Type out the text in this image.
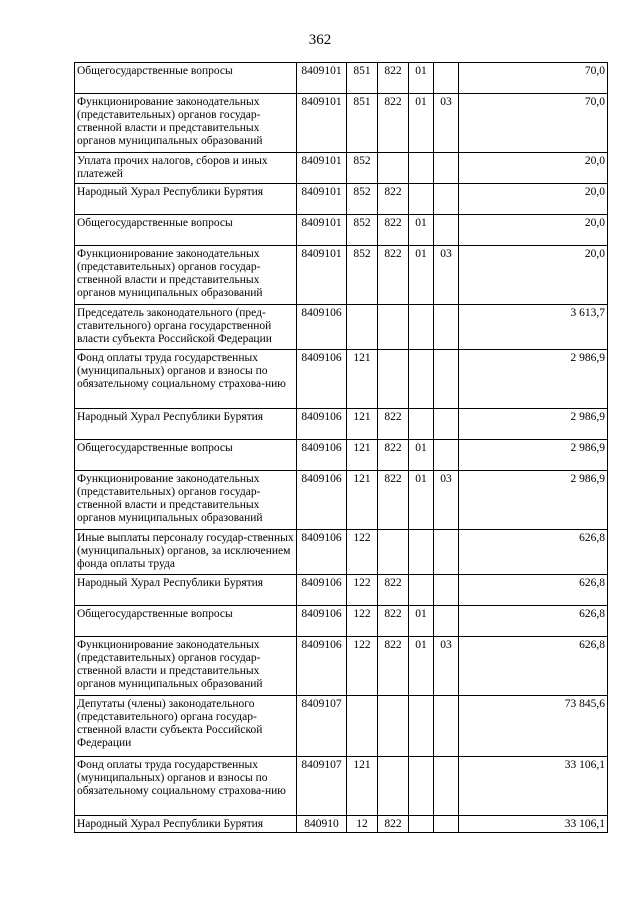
362
Общегосударственные вопросы	8409101	851	822	01		70,0
Функционирование законодательных (представительных) органов государ-ственной власти и представительных органов муниципальных образований	8409101	851	822	01	03	70,0
Уплата прочих налогов, сборов и иных платежей	8409101	852				20,0
Народный Хурал Республики Бурятия	8409101	852	822			20,0
Общегосударственные вопросы	8409101	852	822	01		20,0
Функционирование законодательных (представительных) органов государ-ственной власти и представительных органов муниципальных образований	8409101	852	822	01	03	20,0
Председатель законодательного (пред-ставительного) органа государственной власти субъекта Российской Федерации	8409106					3 613,7
Фонд оплаты труда государственных (муниципальных) органов и взносы по обязательному социальному страхова-нию	8409106	121				2 986,9
Народный Хурал Республики Бурятия	8409106	121	822			2 986,9
Общегосударственные вопросы	8409106	121	822	01		2 986,9
Функционирование законодательных (представительных) органов государ-ственной власти и представительных органов муниципальных образований	8409106	121	822	01	03	2 986,9
Иные выплаты персоналу государ-ственных (муниципальных) органов, за исключением фонда оплаты труда	8409106	122				626,8
Народный Хурал Республики Бурятия	8409106	122	822			626,8
Общегосударственные вопросы	8409106	122	822	01		626,8
Функционирование законодательных (представительных) органов государ-ственной власти и представительных органов муниципальных образований	8409106	122	822	01	03	626,8
Депутаты (члены) законодательного (представительного) органа государ-ственной власти субъекта Российской Федерации	8409107					73 845,6
Фонд оплаты труда государственных (муниципальных) органов и взносы по обязательному социальному страхова-нию	8409107	121				33 106,1
Народный Хурал Республики Бурятия	840910	12	822			33 106,1
